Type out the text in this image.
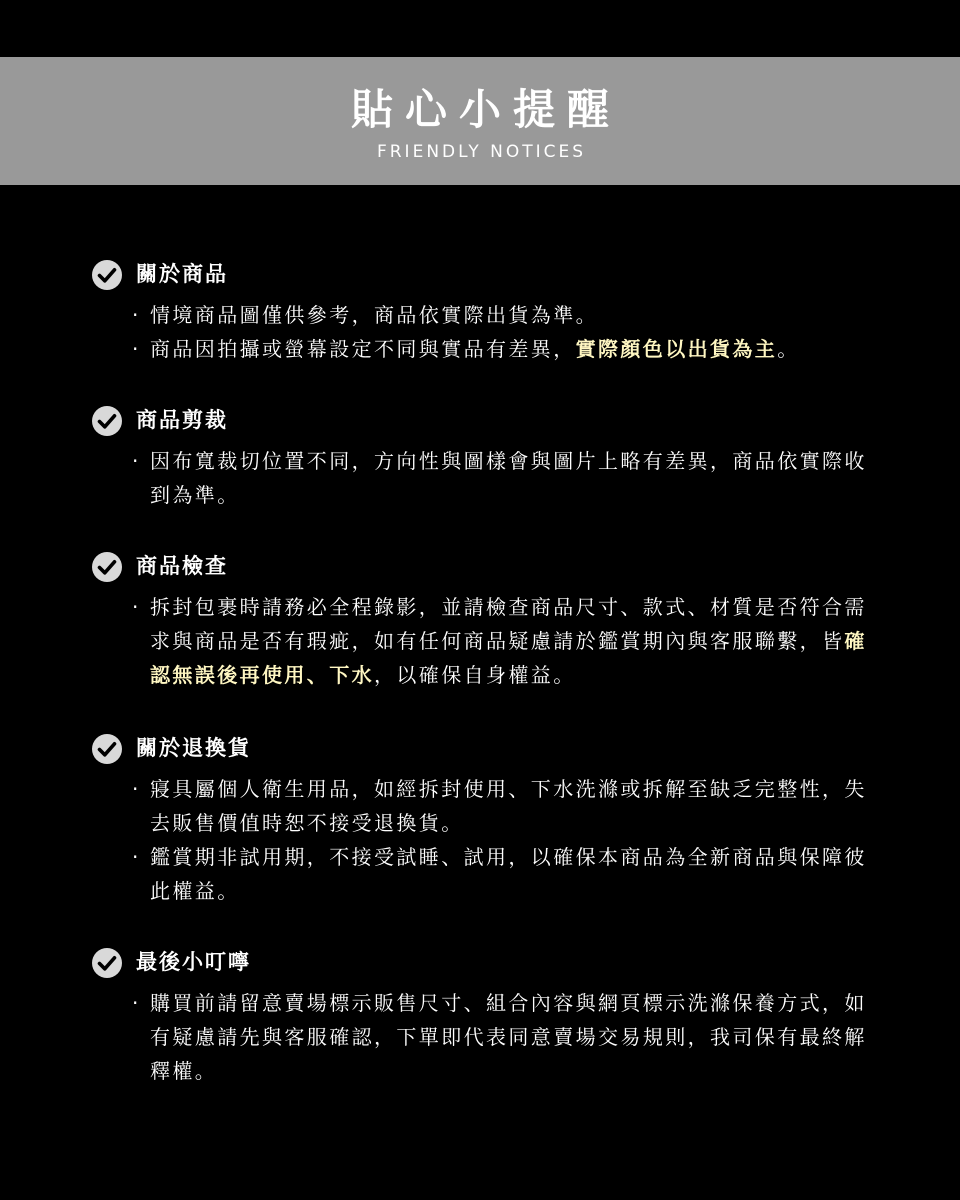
貼心小提醒
FRIENDLY NOTICES
關於商品
· 情境商品圖僅供參考，商品依實際出貨為準。
· 商品因拍攝或螢幕設定不同與實品有差異，實際顏色以出貨為主。
商品剪裁
· 因布寬裁切位置不同，方向性與圖樣會與圖片上略有差異，商品依實際收到為準。
商品檢查
· 拆封包裹時請務必全程錄影，並請檢查商品尺寸、款式、材質是否符合需求與商品是否有瑕疵，如有任何商品疑慮請於鑑賞期內與客服聯繫，皆確認無誤後再使用、下水，以確保自身權益。
關於退換貨
· 寢具屬個人衛生用品，如經拆封使用、下水洗滌或拆解至缺乏完整性，失去販售價值時恕不接受退換貨。
· 鑑賞期非試用期，不接受試睡、試用，以確保本商品為全新商品與保障彼此權益。
最後小叮嚀
· 購買前請留意賣場標示販售尺寸、組合內容與網頁標示洗滌保養方式，如有疑慮請先與客服確認，下單即代表同意賣場交易規則，我司保有最終解釋權。
